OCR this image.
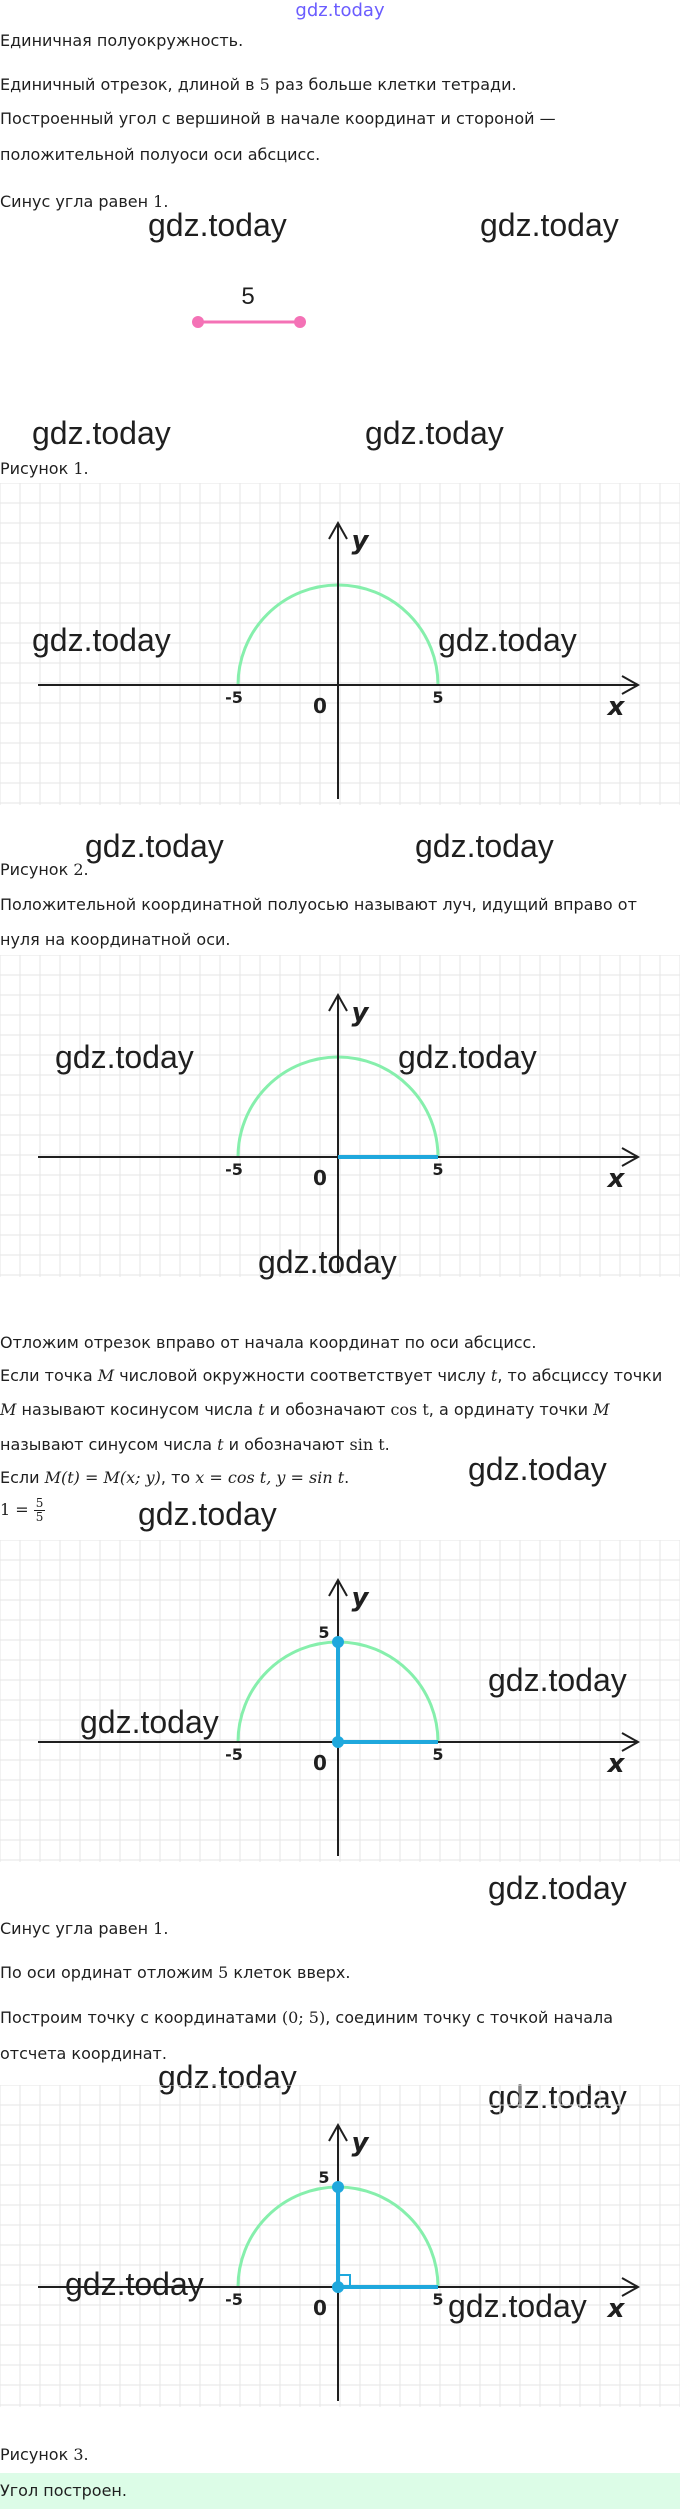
gdz.today
Единичная полуокружность.
Единичный отрезок, длиной в 5 раз больше клетки тетради.
Построенный угол с вершиной в начале координат и стороной —
положительной полуоси оси абсцисс.
Синус угла равен 1.
gdz.today	gdz.today
5
gdz.today	gdz.today
Рисунок 1.
y
x
0
-5	5
gdz.today	gdz.today
gdz.today	gdz.today
Рисунок 2.
Положительной координатной полуосью называют луч, идущий вправо от
нуля на координатной оси.
y
x
0
-5	5
gdz.today	gdz.today
gdz.today
Отложим отрезок вправо от начала координат по оси абсцисс.
Если точка M числовой окружности соответствует числу t, то абсциссу точки
M называют косинусом числа t и обозначают cos t, а ординату точки M
называют синусом числа t и обозначают sin t.
Если M(t) = M(x; y), то x = cos t, y = sin t.	gdz.today
gdz.today
$1 = \frac{5}{5}$
y
x
0
-5	5
5
gdz.today
gdz.today
gdz.today
Синус угла равен 1.
По оси ординат отложим 5 клеток вверх.
Построим точку с координатами (0; 5), соединим точку с точкой начала
отсчета координат.
gdz.today
gdz.today
y
x
0
-5	5
5
gdz.today
gdz.today
Рисунок 3.
Угол построен.
